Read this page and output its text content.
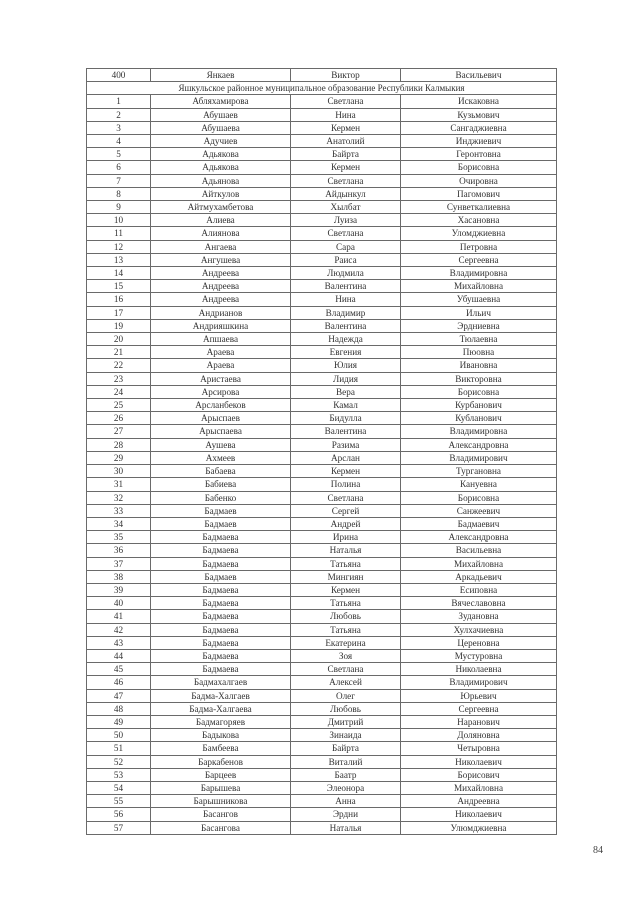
400	Янкаев	Виктор	Васильевич
Яшкульское районное муниципальное образование Республики Калмыкия			
1	Абляхамирова	Светлана	Искаковна
2	Абушаев	Нина	Кузьмович
3	Абушаева	Кермен	Сангаджиевна
4	Адучиев	Анатолий	Инджиевич
5	Адьякова	Байрта	Геронтовна
6	Адьякова	Кермен	Борисовна
7	Адьянова	Светлана	Очировна
8	Айткулов	Айдынкул	Пагомович
9	Айтмухамбетова	Хылбат	Сунветкалиевна
10	Алиева	Луиза	Хасановна
11	Алиянова	Светлана	Уломджиевна
12	Ангаева	Сара	Петровна
13	Ангушева	Раиса	Сергеевна
14	Андреева	Людмила	Владимировна
15	Андреева	Валентина	Михайловна
16	Андреева	Нина	Убушаевна
17	Андрианов	Владимир	Ильич
19	Андрияшкина	Валентина	Эрдниевна
20	Апшаева	Надежда	Тюлаевна
21	Араева	Евгения	Пюовна
22	Араева	Юлия	Ивановна
23	Аристаева	Лидия	Викторовна
24	Арсирова	Вера	Борисовна
25	Арсланбеков	Камал	Курбанович
26	Арыспаев	Бидулла	Кубланович
27	Арыспаева	Валентина	Владимировна
28	Аушева	Разима	Александровна
29	Ахмеев	Арслан	Владимирович
30	Бабаева	Кермен	Тургановна
31	Бабиева	Полина	Кануевна
32	Бабенко	Светлана	Борисовна
33	Бадмаев	Сергей	Санжеевич
34	Бадмаев	Андрей	Бадмаевич
35	Бадмаева	Ирина	Александровна
36	Бадмаева	Наталья	Васильевна
37	Бадмаева	Татьяна	Михайловна
38	Бадмаев	Мингиян	Аркадьевич
39	Бадмаева	Кермен	Есиповна
40	Бадмаева	Татьяна	Вячеславовна
41	Бадмаева	Любовь	Зудановна
42	Бадмаева	Татьяна	Хулхачиевна
43	Бадмаева	Екатерина	Цереновна
44	Бадмаева	Зоя	Мустуровна
45	Бадмаева	Светлана	Николаевна
46	Бадмахалгаев	Алексей	Владимирович
47	Бадма-Халгаев	Олег	Юрьевич
48	Бадма-Халгаева	Любовь	Сергеевна
49	Бадмагоряев	Дмитрий	Наранович
50	Бадыкова	Зинаида	Доляновна
51	Бамбеева	Байрта	Четыровна
52	Баркабенов	Виталий	Николаевич
53	Барцеев	Баатр	Борисович
54	Барышева	Элеонора	Михайловна
55	Барышникова	Анна	Андреевна
56	Басангов	Эрдни	Николаевич
57	Басангова	Наталья	Улюмджиевна
84
